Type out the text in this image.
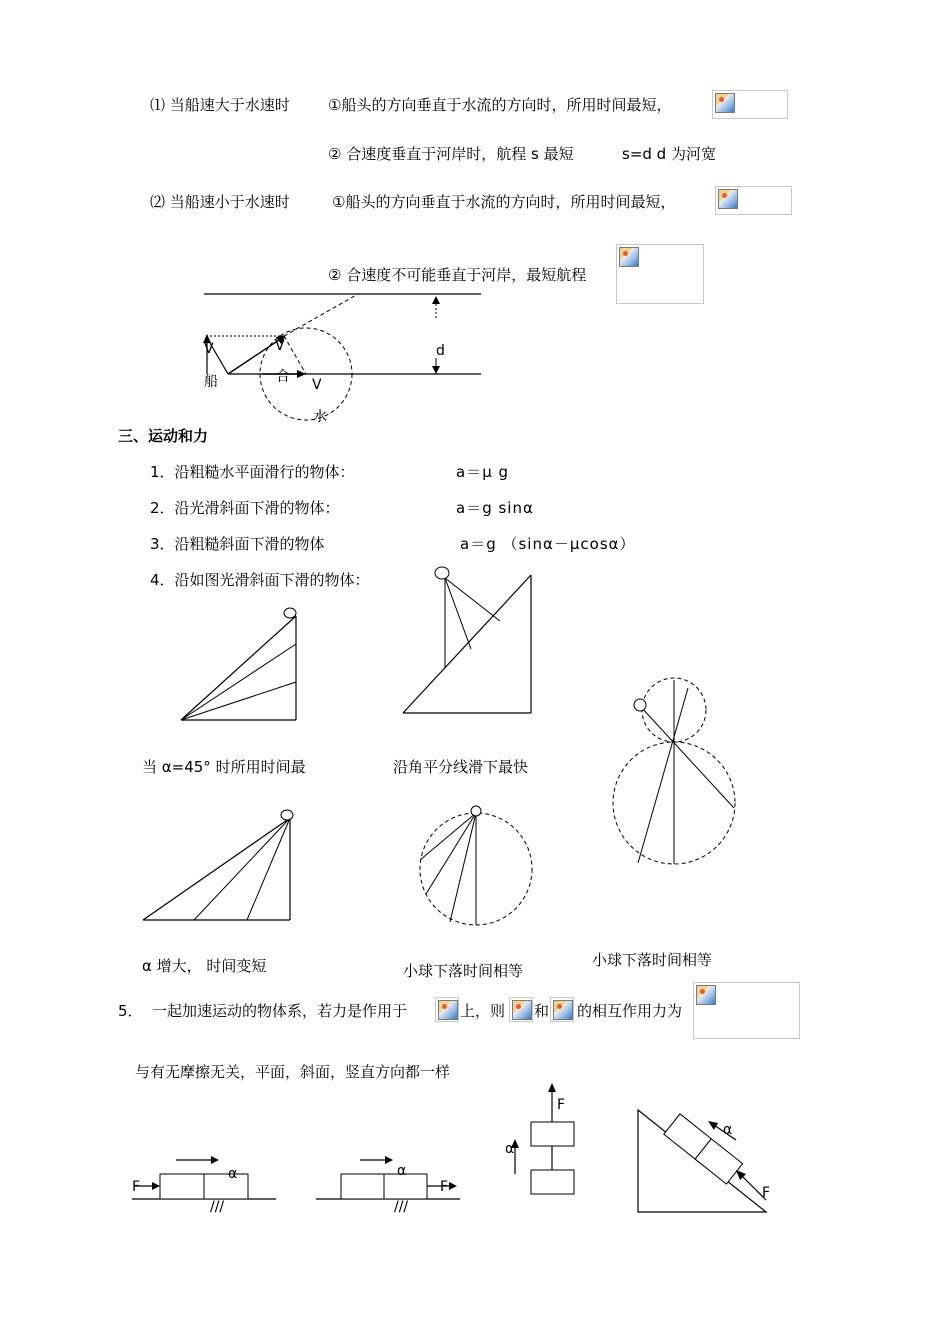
⑴ 当船速大于水速时	①船头的方向垂直于水流的方向时，所用时间最短，
② 合速度垂直于河岸时，航程 s 最短	s=d d 为河宽
⑵ 当船速小于水速时	①船头的方向垂直于水流的方向时，所用时间最短，
② 合速度不可能垂直于河岸，最短航程
d
V	V
合 V
水
船
三、运动和力
1．沿粗糙水平面滑行的物体：	a＝μ g
2．沿光滑斜面下滑的物体：	a＝g sinα
3．沿粗糙斜面下滑的物体	a＝g （sinα－μcosα）
4．沿如图光滑斜面下滑的物体：
当 α=45° 时所用时间最	沿角平分线滑下最快
α 增大， 时间变短	小球下落时间相等
小球下落时间相等
5． 一起加速运动的物体系，若力是作用于	上，则 和 的相互作用力为
与有无摩擦无关，平面，斜面，竖直方向都一样
F
α
///
F
α
///
F
α
F
α
